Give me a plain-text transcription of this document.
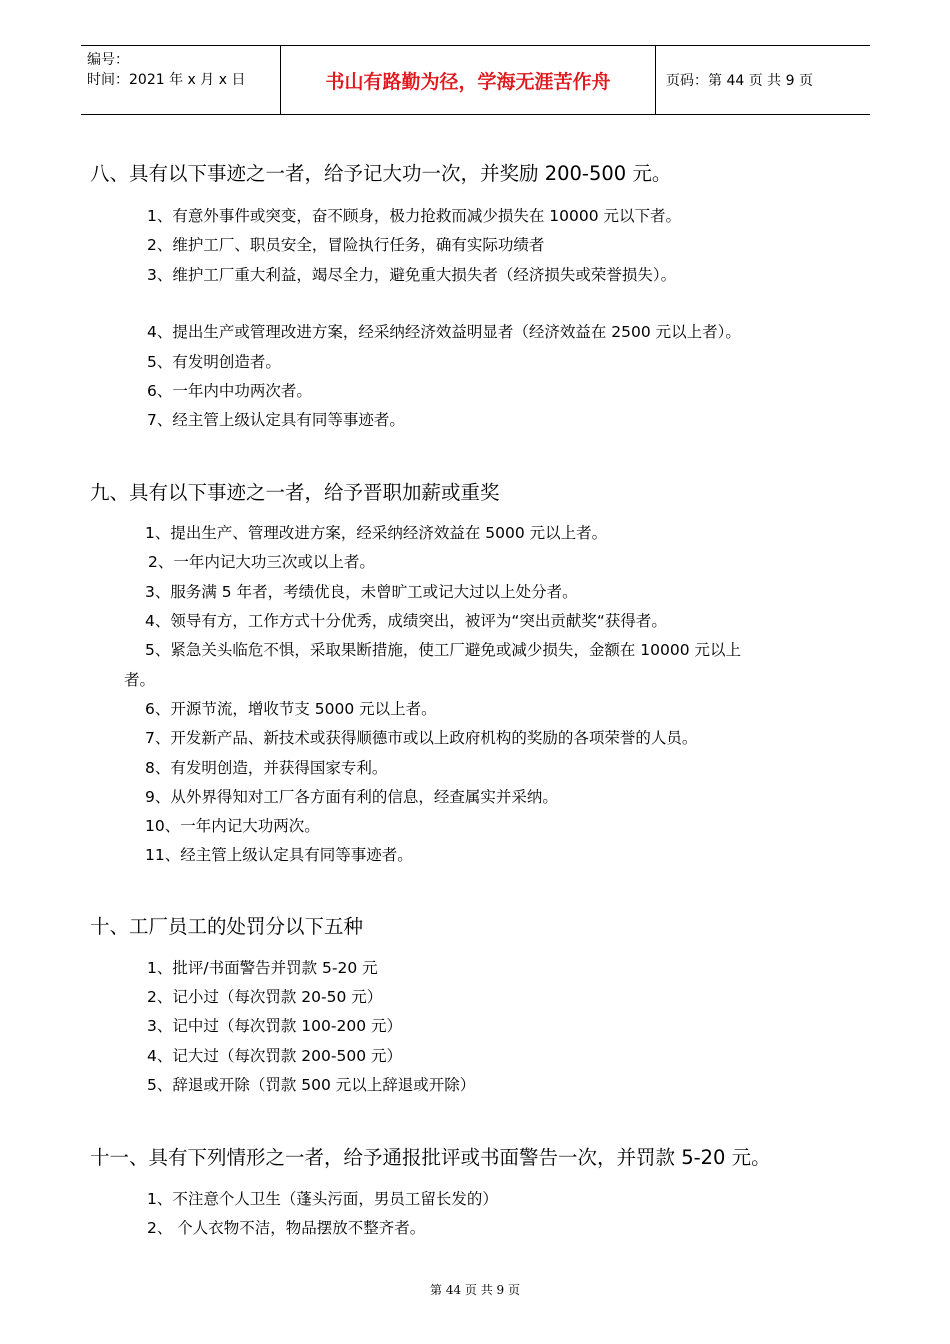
编号：
时间：2021 年 x 月 x 日	书山有路勤为径，学海无涯苦作舟	页码：第 44 页 共 9 页
八、具有以下事迹之一者，给予记大功一次，并奖励 200-500 元。
1、有意外事件或突变，奋不顾身，极力抢救而减少损失在 10000 元以下者。
2、维护工厂、职员安全，冒险执行任务，确有实际功绩者
3、维护工厂重大利益，竭尽全力，避免重大损失者（经济损失或荣誉损失）。
4、提出生产或管理改进方案，经采纳经济效益明显者（经济效益在 2500 元以上者）。
5、有发明创造者。
6、一年内中功两次者。
7、经主管上级认定具有同等事迹者。
九、具有以下事迹之一者，给予晋职加薪或重奖
1、提出生产、管理改进方案，经采纳经济效益在 5000 元以上者。
2、一年内记大功三次或以上者。
3、服务满 5 年者，考绩优良，未曾旷工或记大过以上处分者。
4、领导有方，工作方式十分优秀，成绩突出，被评为“突出贡献奖“获得者。
5、紧急关头临危不惧，采取果断措施，使工厂避免或减少损失，金额在 10000 元以上
者。
6、开源节流，增收节支 5000 元以上者。
7、开发新产品、新技术或获得顺德市或以上政府机构的奖励的各项荣誉的人员。
8、有发明创造，并获得国家专利。
9、从外界得知对工厂各方面有利的信息，经查属实并采纳。
10、一年内记大功两次。
11、经主管上级认定具有同等事迹者。
十、工厂员工的处罚分以下五种
1、批评/书面警告并罚款 5-20 元
2、记小过（每次罚款 20-50 元）
3、记中过（每次罚款 100-200 元）
4、记大过（每次罚款 200-500 元）
5、辞退或开除（罚款 500 元以上辞退或开除）
十一、具有下列情形之一者，给予通报批评或书面警告一次，并罚款 5-20 元。
1、不注意个人卫生（蓬头污面，男员工留长发的）
2、 个人衣物不洁，物品摆放不整齐者。
第 44 页 共 9 页
